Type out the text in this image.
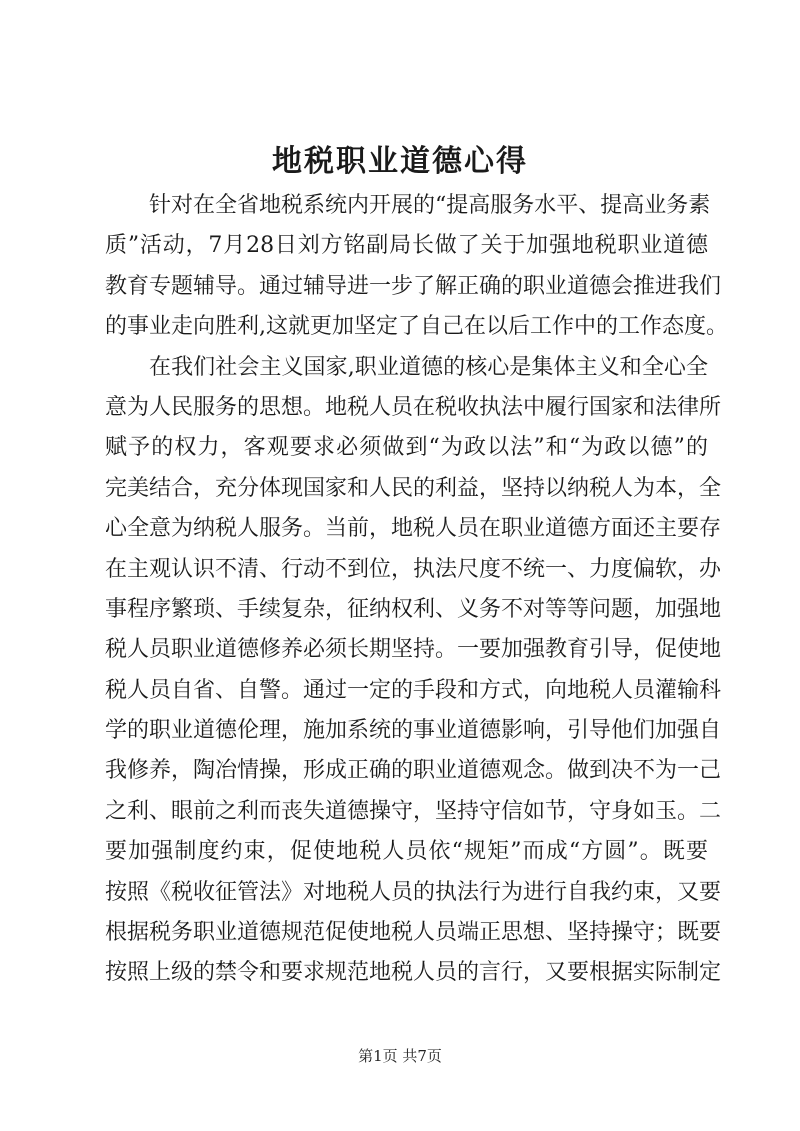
地税职业道德心得
针对在全省地税系统内开展的“提高服务水平、提高业务素
质”活动，7月28日刘方铭副局长做了关于加强地税职业道德
教育专题辅导。通过辅导进一步了解正确的职业道德会推进我们
的事业走向胜利,这就更加坚定了自己在以后工作中的工作态度。
在我们社会主义国家,职业道德的核心是集体主义和全心全
意为人民服务的思想。地税人员在税收执法中履行国家和法律所
赋予的权力，客观要求必须做到“为政以法”和“为政以德”的
完美结合，充分体现国家和人民的利益，坚持以纳税人为本，全
心全意为纳税人服务。当前，地税人员在职业道德方面还主要存
在主观认识不清、行动不到位，执法尺度不统一、力度偏软，办
事程序繁琐、手续复杂，征纳权利、义务不对等等问题，加强地
税人员职业道德修养必须长期坚持。一要加强教育引导，促使地
税人员自省、自警。通过一定的手段和方式，向地税人员灌输科
学的职业道德伦理，施加系统的事业道德影响，引导他们加强自
我修养，陶冶情操，形成正确的职业道德观念。做到决不为一己
之利、眼前之利而丧失道德操守，坚持守信如节，守身如玉。二
要加强制度约束，促使地税人员依“规矩”而成“方圆”。既要
按照《税收征管法》对地税人员的执法行为进行自我约束，又要
根据税务职业道德规范促使地税人员端正思想、坚持操守；既要
按照上级的禁令和要求规范地税人员的言行，又要根据实际制定
第1页 共7页
